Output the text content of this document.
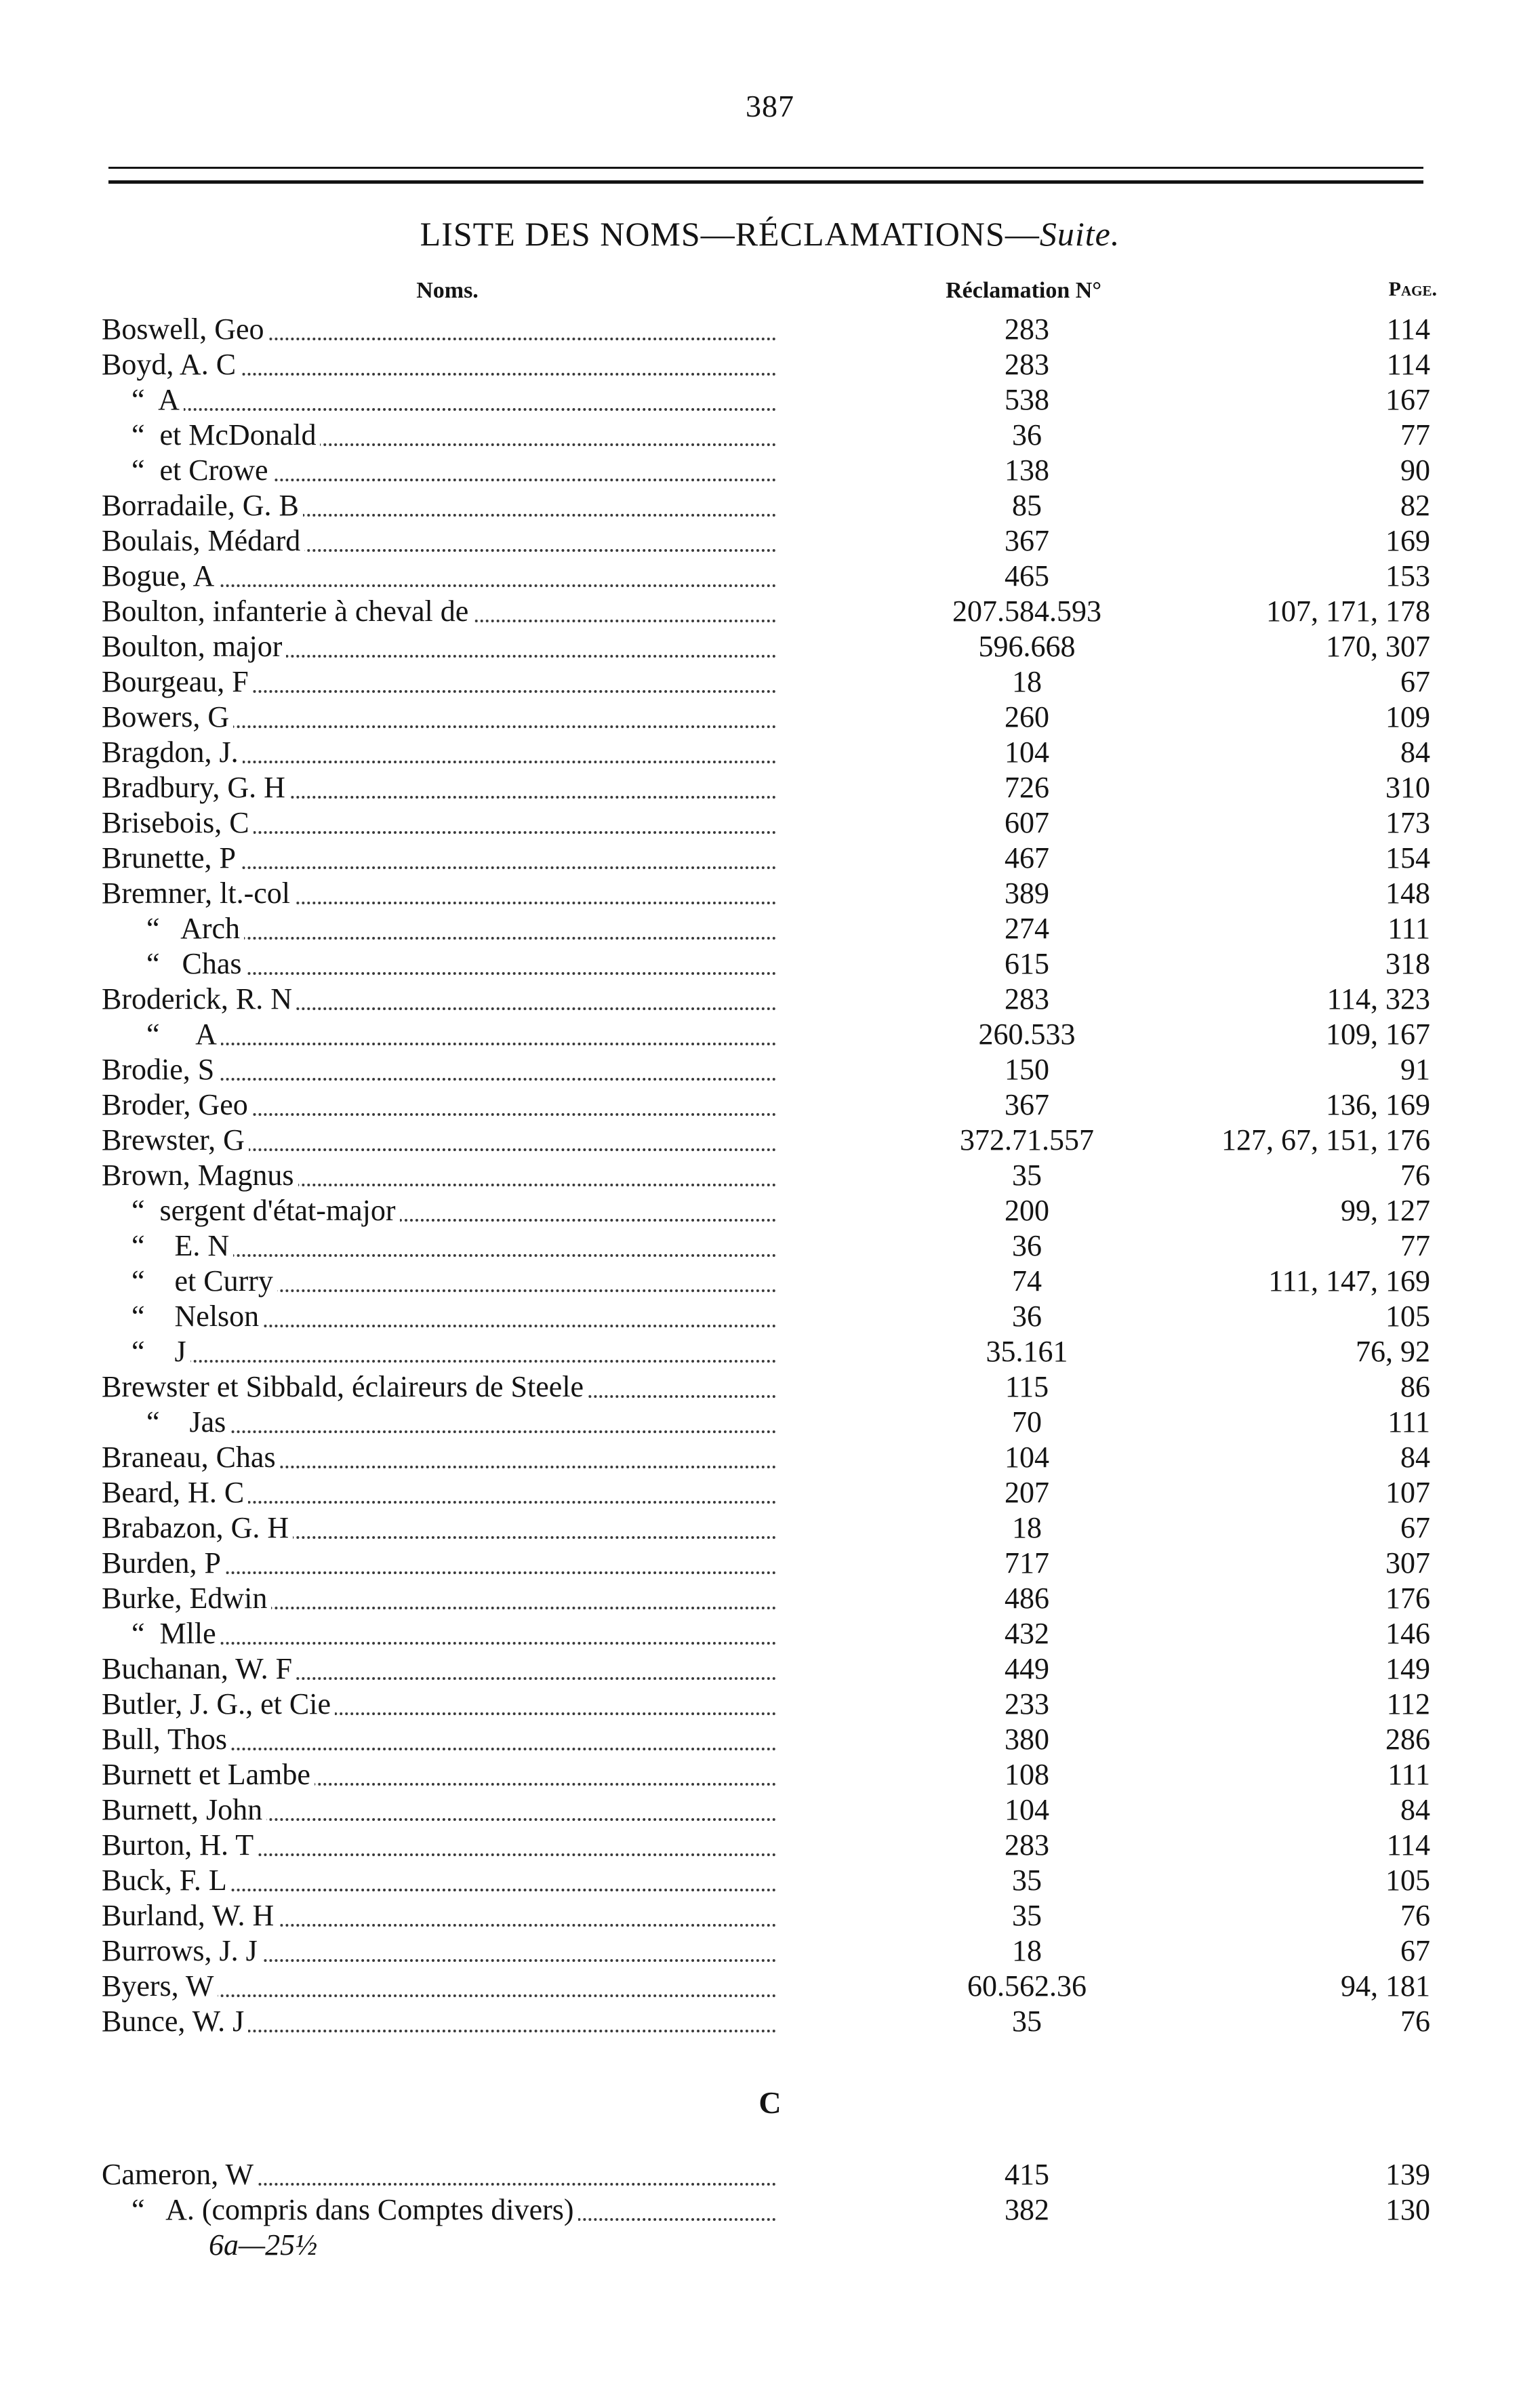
387
LISTE DES NOMS—RÉCLAMATIONS—Suite.
Noms.	Réclamation N°	Page.
Boswell, Geo	283	114
Boyd, A. C	283	114
“  A	538	167
“  et McDonald	36	77
“  et Crowe	138	90
Borradaile, G. B	85	82
Boulais, Médard	367	169
Bogue, A	465	153
Boulton, infanterie à cheval de	207.584.593	107, 171, 178
Boulton, major	596.668	170, 307
Bourgeau, F	18	67
Bowers, G	260	109
Bragdon, J.	104	84
Bradbury, G. H	726	310
Brisebois, C	607	173
Brunette, P	467	154
Bremner, lt.-col	389	148
“   Arch	274	111
“   Chas	615	318
Broderick, R. N	283	114, 323
“     A	260.533	109, 167
Brodie, S	150	91
Broder, Geo	367	136, 169
Brewster, G	372.71.557	127, 67, 151, 176
Brown, Magnus	35	76
“  sergent d'état-major	200	99, 127
“    E. N	36	77
“    et Curry	74	111, 147, 169
“    Nelson	36	105
“    J	35.161	76, 92
Brewster et Sibbald, éclaireurs de Steele	115	86
“    Jas	70	111
Braneau, Chas	104	84
Beard, H. C	207	107
Brabazon, G. H	18	67
Burden, P	717	307
Burke, Edwin	486	176
“  Mlle	432	146
Buchanan, W. F	449	149
Butler, J. G., et Cie	233	112
Bull, Thos	380	286
Burnett et Lambe	108	111
Burnett, John	104	84
Burton, H. T	283	114
Buck, F. L	35	105
Burland, W. H	35	76
Burrows, J. J	18	67
Byers, W	60.562.36	94, 181
Bunce, W. J	35	76
C
Cameron, W	415	139
“   A. (compris dans Comptes divers)	382	130
6a—25½
